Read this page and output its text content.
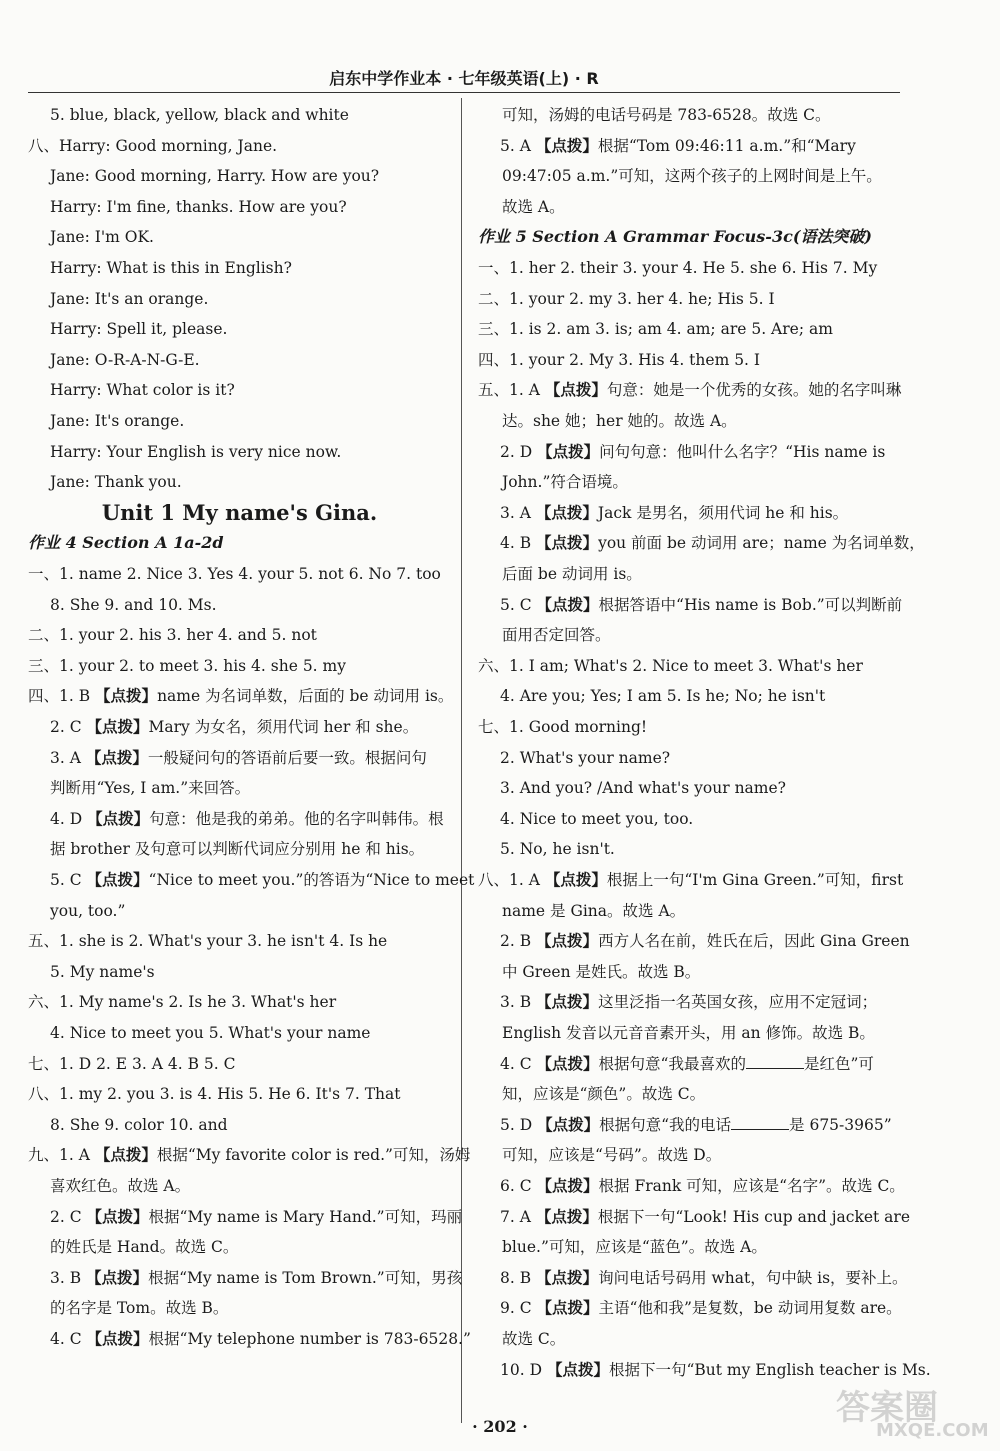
启东中学作业本 · 七年级英语(上) · R
5. blue, black, yellow, black and white
八、Harry: Good morning, Jane.
Jane: Good morning, Harry. How are you?
Harry: I'm fine, thanks. How are you?
Jane: I'm OK.
Harry: What is this in English?
Jane: It's an orange.
Harry: Spell it, please.
Jane: O-R-A-N-G-E.
Harry: What color is it?
Jane: It's orange.
Harry: Your English is very nice now.
Jane: Thank you.
Unit 1 My name's Gina.
作业 4 Section A 1a-2d
一、1. name 2. Nice 3. Yes 4. your 5. not 6. No 7. too
8. She 9. and 10. Ms.
二、1. your 2. his 3. her 4. and 5. not
三、1. your 2. to meet 3. his 4. she 5. my
四、1. B 【点拨】name 为名词单数，后面的 be 动词用 is。
2. C 【点拨】Mary 为女名，须用代词 her 和 she。
3. A 【点拨】一般疑问句的答语前后要一致。根据问句
判断用“Yes, I am.”来回答。
4. D 【点拨】句意：他是我的弟弟。他的名字叫韩伟。根
据 brother 及句意可以判断代词应分别用 he 和 his。
5. C 【点拨】“Nice to meet you.”的答语为“Nice to meet
you, too.”
五、1. she is 2. What's your 3. he isn't 4. Is he
5. My name's
六、1. My name's 2. Is he 3. What's her
4. Nice to meet you 5. What's your name
七、1. D 2. E 3. A 4. B 5. C
八、1. my 2. you 3. is 4. His 5. He 6. It's 7. That
8. She 9. color 10. and
九、1. A 【点拨】根据“My favorite color is red.”可知，汤姆
喜欢红色。故选 A。
2. C 【点拨】根据“My name is Mary Hand.”可知，玛丽
的姓氏是 Hand。故选 C。
3. B 【点拨】根据“My name is Tom Brown.”可知，男孩
的名字是 Tom。故选 B。
4. C 【点拨】根据“My telephone number is 783-6528.”
可知，汤姆的电话号码是 783-6528。故选 C。
5. A 【点拨】根据“Tom 09:46:11 a.m.”和“Mary
09:47:05 a.m.”可知，这两个孩子的上网时间是上午。
故选 A。
作业 5 Section A Grammar Focus-3c(语法突破)
一、1. her 2. their 3. your 4. He 5. she 6. His 7. My
二、1. your 2. my 3. her 4. he; His 5. I
三、1. is 2. am 3. is; am 4. am; are 5. Are; am
四、1. your 2. My 3. His 4. them 5. I
五、1. A 【点拨】句意：她是一个优秀的女孩。她的名字叫琳
达。she 她；her 她的。故选 A。
2. D 【点拨】问句句意：他叫什么名字？“His name is
John.”符合语境。
3. A 【点拨】Jack 是男名，须用代词 he 和 his。
4. B 【点拨】you 前面 be 动词用 are；name 为名词单数，
后面 be 动词用 is。
5. C 【点拨】根据答语中“His name is Bob.”可以判断前
面用否定回答。
六、1. I am; What's 2. Nice to meet 3. What's her
4. Are you; Yes; I am 5. Is he; No; he isn't
七、1. Good morning!
2. What's your name?
3. And you? /And what's your name?
4. Nice to meet you, too.
5. No, he isn't.
八、1. A 【点拨】根据上一句“I'm Gina Green.”可知，first
name 是 Gina。故选 A。
2. B 【点拨】西方人名在前，姓氏在后，因此 Gina Green
中 Green 是姓氏。故选 B。
3. B 【点拨】这里泛指一名英国女孩，应用不定冠词；
English 发音以元音音素开头，用 an 修饰。故选 B。
4. C 【点拨】根据句意“我最喜欢的	是红色”可
知，应该是“颜色”。故选 C。
5. D 【点拨】根据句意“我的电话	是 675-3965”
可知，应该是“号码”。故选 D。
6. C 【点拨】根据 Frank 可知，应该是“名字”。故选 C。
7. A 【点拨】根据下一句“Look! His cup and jacket are
blue.”可知，应该是“蓝色”。故选 A。
8. B 【点拨】询问电话号码用 what，句中缺 is，要补上。
9. C 【点拨】主语“他和我”是复数，be 动词用复数 are。
故选 C。
10. D 【点拨】根据下一句“But my English teacher is Ms.
· 202 ·	答案圈
MXQE.COM
